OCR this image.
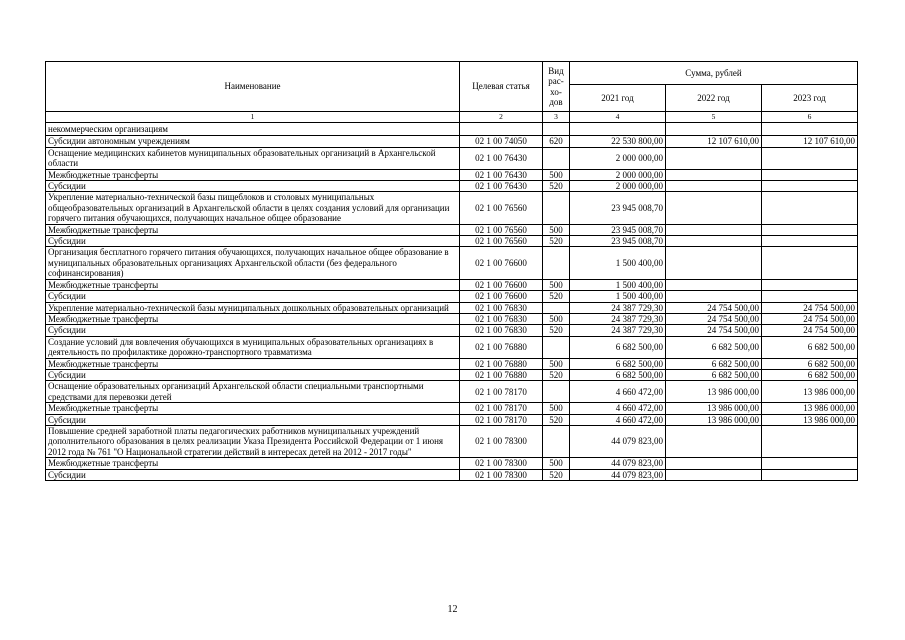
Наименование	Целевая статья	Вид рас-хо-дов	Сумма, рублей		
			2021 год	2022 год	2023 год
1	2	3	4	5	6
некоммерческим организациям					
Субсидии автономным учреждениям	02 1 00 74050	620	22 530 800,00	12 107 610,00	12 107 610,00
Оснащение медицинских кабинетов муниципальных образовательных организаций в Архангельской области	02 1 00 76430		2 000 000,00		
Межбюджетные трансферты	02 1 00 76430	500	2 000 000,00		
Субсидии	02 1 00 76430	520	2 000 000,00		
Укрепление материально-технической базы пищеблоков и столовых муниципальных общеобразовательных организаций в Архангельской области в целях создания условий для организации горячего питания обучающихся, получающих начальное общее образование	02 1 00 76560		23 945 008,70		
Межбюджетные трансферты	02 1 00 76560	500	23 945 008,70		
Субсидии	02 1 00 76560	520	23 945 008,70		
Организация бесплатного горячего питания обучающихся, получающих начальное общее образование в муниципальных образовательных организациях Архангельской области (без федерального софинансирования)	02 1 00 76600		1 500 400,00		
Межбюджетные трансферты	02 1 00 76600	500	1 500 400,00		
Субсидии	02 1 00 76600	520	1 500 400,00		
Укрепление материально-технической базы муниципальных дошкольных образовательных организаций	02 1 00 76830		24 387 729,30	24 754 500,00	24 754 500,00
Межбюджетные трансферты	02 1 00 76830	500	24 387 729,30	24 754 500,00	24 754 500,00
Субсидии	02 1 00 76830	520	24 387 729,30	24 754 500,00	24 754 500,00
Создание условий для вовлечения обучающихся в муниципальных образовательных организациях в деятельность по профилактике дорожно-транспортного травматизма	02 1 00 76880		6 682 500,00	6 682 500,00	6 682 500,00
Межбюджетные трансферты	02 1 00 76880	500	6 682 500,00	6 682 500,00	6 682 500,00
Субсидии	02 1 00 76880	520	6 682 500,00	6 682 500,00	6 682 500,00
Оснащение образовательных организаций Архангельской области специальными транспортными средствами для перевозки детей	02 1 00 78170		4 660 472,00	13 986 000,00	13 986 000,00
Межбюджетные трансферты	02 1 00 78170	500	4 660 472,00	13 986 000,00	13 986 000,00
Субсидии	02 1 00 78170	520	4 660 472,00	13 986 000,00	13 986 000,00
Повышение средней заработной платы педагогических работников муниципальных учреждений дополнительного образования в целях реализации Указа Президента Российской Федерации от 1 июня 2012 года № 761 "О Национальной стратегии действий в интересах детей на 2012 - 2017 годы"	02 1 00 78300		44 079 823,00		
Межбюджетные трансферты	02 1 00 78300	500	44 079 823,00		
Субсидии	02 1 00 78300	520	44 079 823,00		
12
